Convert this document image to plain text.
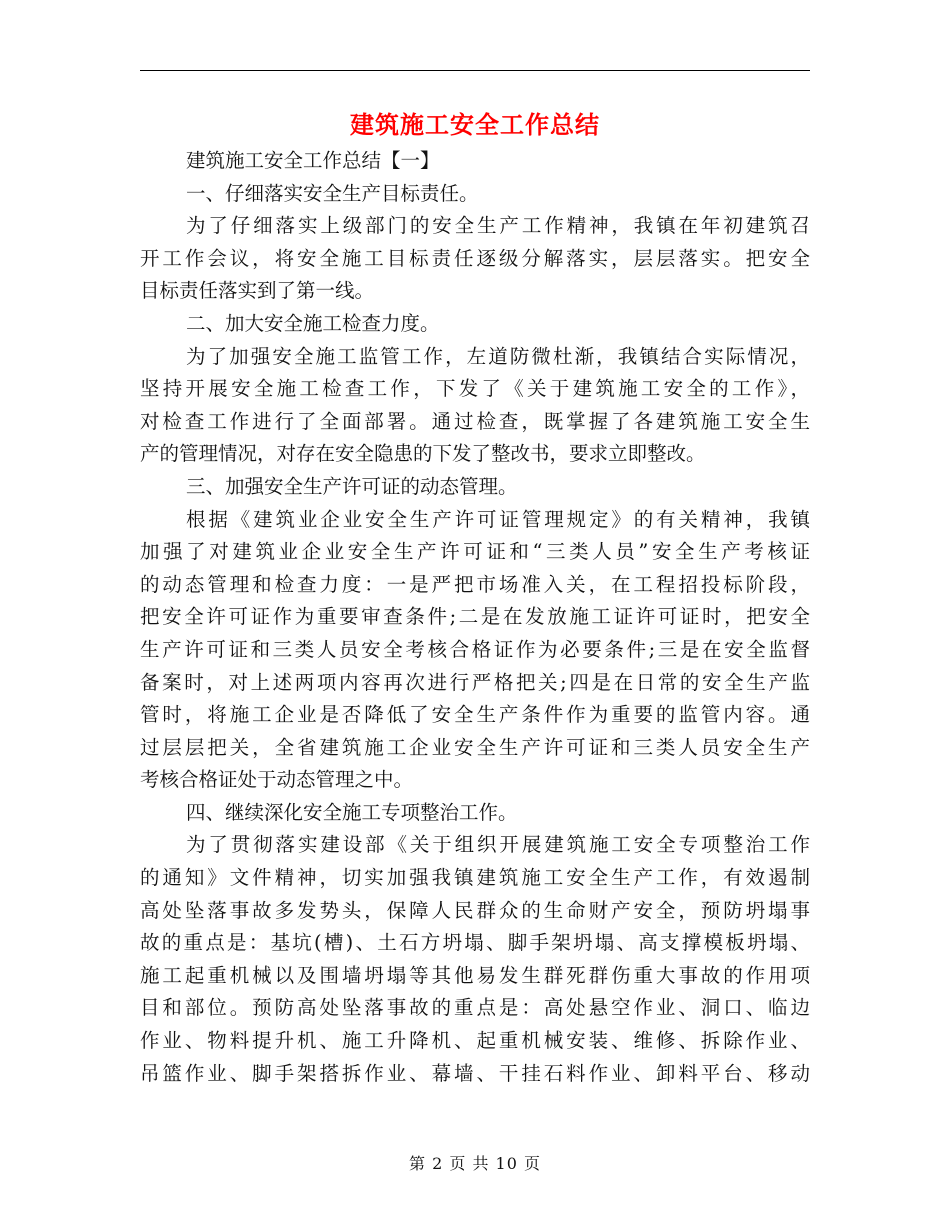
建筑施工安全工作总结
建筑施工安全工作总结【一】
一、仔细落实安全生产目标责任。
为了仔细落实上级部门的安全生产工作精神，我镇在年初建筑召
开工作会议，将安全施工目标责任逐级分解落实，层层落实。把安全
目标责任落实到了第一线。
二、加大安全施工检查力度。
为了加强安全施工监管工作，左道防微杜渐，我镇结合实际情况，
坚持开展安全施工检查工作，下发了《关于建筑施工安全的工作》，
对检查工作进行了全面部署。通过检查，既掌握了各建筑施工安全生
产的管理情况，对存在安全隐患的下发了整改书，要求立即整改。
三、加强安全生产许可证的动态管理。
根据《建筑业企业安全生产许可证管理规定》的有关精神，我镇
加强了对建筑业企业安全生产许可证和“三类人员”安全生产考核证
的动态管理和检查力度：一是严把市场准入关，在工程招投标阶段，
把安全许可证作为重要审查条件;二是在发放施工证许可证时，把安全
生产许可证和三类人员安全考核合格证作为必要条件;三是在安全监督
备案时，对上述两项内容再次进行严格把关;四是在日常的安全生产监
管时，将施工企业是否降低了安全生产条件作为重要的监管内容。通
过层层把关，全省建筑施工企业安全生产许可证和三类人员安全生产
考核合格证处于动态管理之中。
四、继续深化安全施工专项整治工作。
为了贯彻落实建设部《关于组织开展建筑施工安全专项整治工作
的通知》文件精神，切实加强我镇建筑施工安全生产工作，有效遏制
高处坠落事故多发势头，保障人民群众的生命财产安全，预防坍塌事
故的重点是：基坑(槽)、土石方坍塌、脚手架坍塌、高支撑模板坍塌、
施工起重机械以及围墙坍塌等其他易发生群死群伤重大事故的作用项
目和部位。预防高处坠落事故的重点是：高处悬空作业、洞口、临边
作业、物料提升机、施工升降机、起重机械安装、维修、拆除作业、
吊篮作业、脚手架搭拆作业、幕墙、干挂石料作业、卸料平台、移动
第 2 页 共 10 页
